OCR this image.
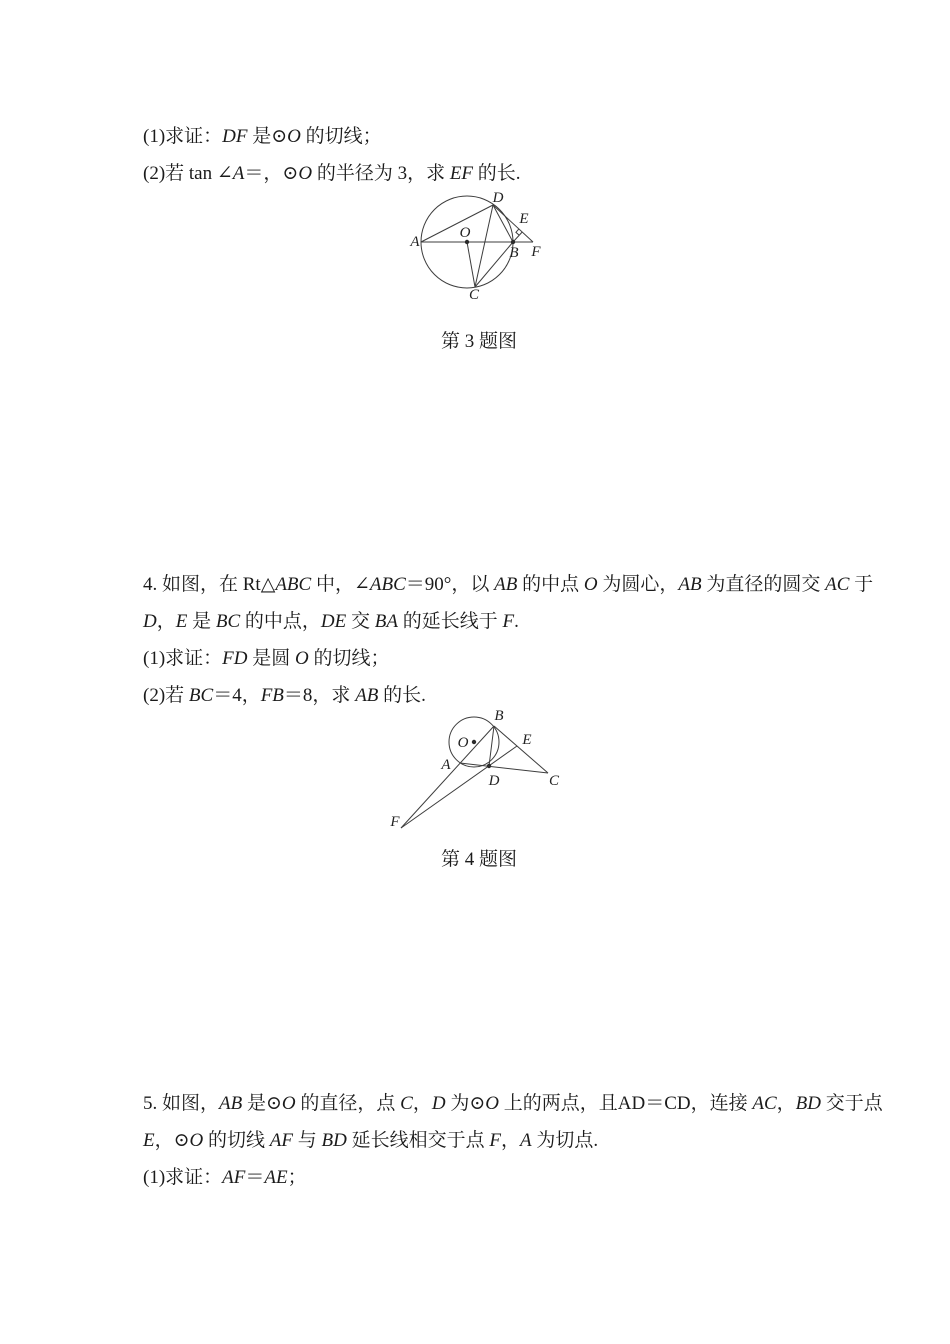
(1)求证：DF 是⊙O 的切线；
(2)若 tan ∠A＝，⊙O 的半径为 3，求 EF 的长.
A
O
D
E
B F
C
第 3 题图
4. 如图，在 Rt△ABC 中，∠ABC＝90°，以 AB 的中点 O 为圆心，AB 为直径的圆交 AC 于
D，E 是 BC 的中点，DE 交 BA 的延长线于 F.
(1)求证：FD 是圆 O 的切线；
(2)若 BC＝4，FB＝8，求 AB 的长.
F
A
O
B
E
D	C
第 4 题图
5. 如图，AB 是⊙O 的直径，点 C，D 为⊙O 上的两点，且AD＝CD，连接 AC，BD 交于点
E，⊙O 的切线 AF 与 BD 延长线相交于点 F，A 为切点.
(1)求证：AF＝AE；
